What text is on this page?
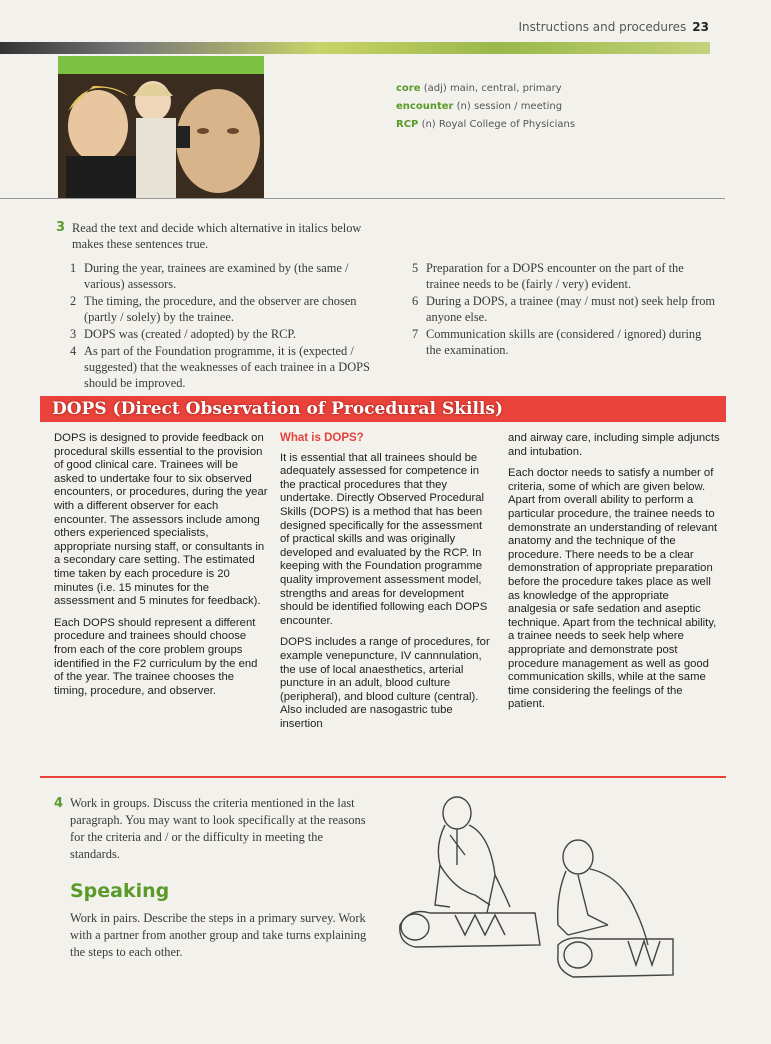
Instructions and procedures 23
core (adj) main, central, primary
encounter (n) session / meeting
RCP (n) Royal College of Physicians
3 Read the text and decide which alternative in italics below makes these sentences true.
1 During the year, trainees are examined by (the same / various) assessors.
2 The timing, the procedure, and the observer are chosen (partly / solely) by the trainee.
3 DOPS was (created / adopted) by the RCP.
4 As part of the Foundation programme, it is (expected / suggested) that the weaknesses of each trainee in a DOPS should be improved.
5 Preparation for a DOPS encounter on the part of the trainee needs to be (fairly / very) evident.
6 During a DOPS, a trainee (may / must not) seek help from anyone else.
7 Communication skills are (considered / ignored) during the examination.
DOPS (Direct Observation of Procedural Skills)

DOPS is designed to provide feedback on procedural skills essential to the provision of good clinical care. Trainees will be asked to undertake four to six observed encounters, or procedures, during the year with a different observer for each encounter. The assessors include among others experienced specialists, appropriate nursing staff, or consultants in a secondary care setting. The estimated time taken by each procedure is 20 minutes (i.e. 15 minutes for the assessment and 5 minutes for feedback).

Each DOPS should represent a different procedure and trainees should choose from each of the core problem groups identified in the F2 curriculum by the end of the year. The trainee chooses the timing, procedure, and observer.

What is DOPS?

It is essential that all trainees should be adequately assessed for competence in the practical procedures that they undertake. Directly Observed Procedural Skills (DOPS) is a method that has been designed specifically for the assessment of practical skills and was originally developed and evaluated by the RCP. In keeping with the Foundation programme quality improvement assessment model, strengths and areas for development should be identified following each DOPS encounter.

DOPS includes a range of procedures, for example venepuncture, IV cannnulation, the use of local anaesthetics, arterial puncture in an adult, blood culture (peripheral), and blood culture (central). Also included are nasogastric tube insertion

and airway care, including simple adjuncts and intubation.

Each doctor needs to satisfy a number of criteria, some of which are given below. Apart from overall ability to perform a particular procedure, the trainee needs to demonstrate an understanding of relevant anatomy and the technique of the procedure. There needs to be a clear demonstration of appropriate preparation before the procedure takes place as well as knowledge of the appropriate analgesia or safe sedation and aseptic technique. Apart from the technical ability, a trainee needs to seek help where appropriate and demonstrate post procedure management as well as good communication skills, while at the same time considering the feelings of the patient.

4 Work in groups. Discuss the criteria mentioned in the last paragraph. You may want to look specifically at the reasons for the criteria and / or the difficulty in meeting the standards.
Speaking
Work in pairs. Describe the steps in a primary survey. Work with a partner from another group and take turns explaining the steps to each other.
